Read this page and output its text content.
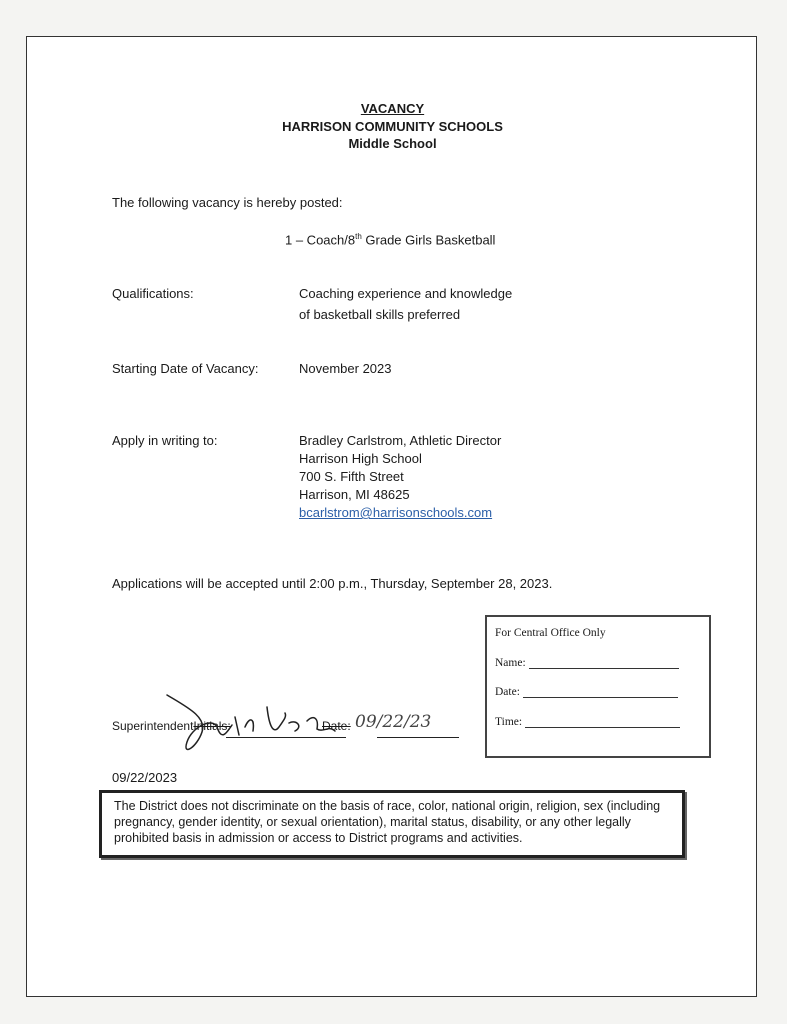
VACANCY
HARRISON COMMUNITY SCHOOLS
Middle School
The following vacancy is hereby posted:
1 – Coach/8th Grade Girls Basketball
Qualifications:	Coaching experience and knowledge
of basketball skills preferred
Starting Date of Vacancy:	November 2023
Apply in writing to:	Bradley Carlstrom, Athletic Director
Harrison High School
700 S. Fifth Street
Harrison, MI 48625
bcarlstrom@harrisonschools.com
Applications will be accepted until 2:00 p.m., Thursday, September 28, 2023.
For Central Office Only
Name:
Date:
Time:
SuperintendentInitials:	Date: 09/22/23
09/22/2023
The District does not discriminate on the basis of race, color, national origin, religion, sex (including pregnancy, gender identity, or sexual orientation), marital status, disability, or any other legally prohibited basis in admission or access to District programs and activities.
